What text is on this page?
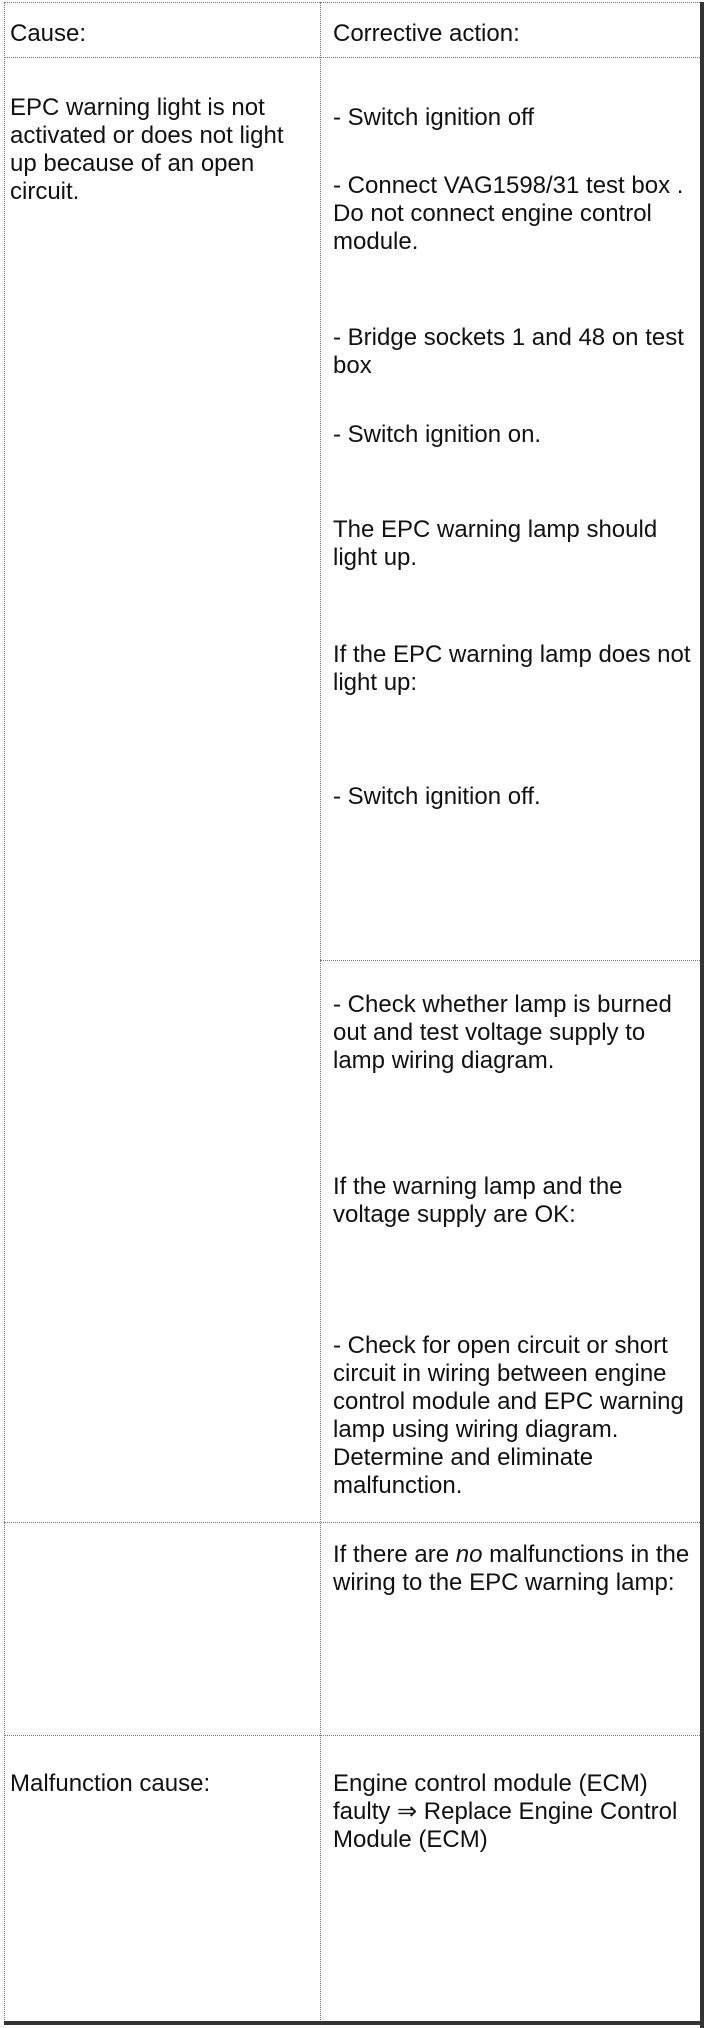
Cause:	Corrective action:
EPC warning light is not activated or does not light up because of an open circuit.
- Switch ignition off
- Connect VAG1598/31 test box . Do not connect engine control module.
- Bridge sockets 1 and 48 on test box
- Switch ignition on.
The EPC warning lamp should light up.
If the EPC warning lamp does not light up:
- Switch ignition off.
- Check whether lamp is burned out and test voltage supply to lamp wiring diagram.
If the warning lamp and the voltage supply are OK:
- Check for open circuit or short circuit in wiring between engine control module and EPC warning lamp using wiring diagram. Determine and eliminate malfunction.
If there are no malfunctions in the wiring to the EPC warning lamp:
Malfunction cause:	Engine control module (ECM) faulty ⇒ Replace Engine Control Module (ECM)
